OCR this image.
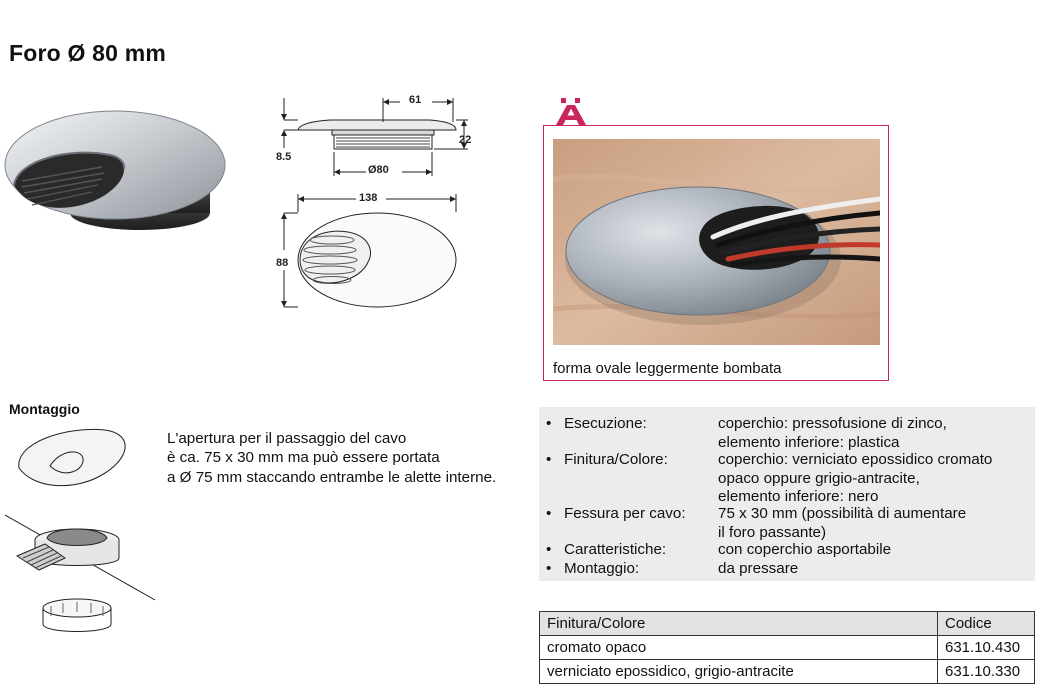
Foro Ø 80 mm
61
8.5
22
Ø80
138
88
forma ovale leggermente bombata
Montaggio
L'apertura per il passaggio del cavo
è ca. 75 x 30 mm ma può essere portata
a Ø 75 mm staccando entrambe le alette interne.
• Esecuzione:	coperchio: pressofusione di zinco,
elemento inferiore: plastica
• Finitura/Colore:	coperchio: verniciato epossidico cromato
opaco oppure grigio-antracite,
elemento inferiore: nero
• Fessura per cavo: 75 x 30 mm (possibilità di aumentare
il foro passante)
• Caratteristiche:	con coperchio asportabile
• Montaggio:	da pressare
Finitura/Colore	Codice
cromato opaco	631.10.430
verniciato epossidico, grigio-antracite	631.10.330
